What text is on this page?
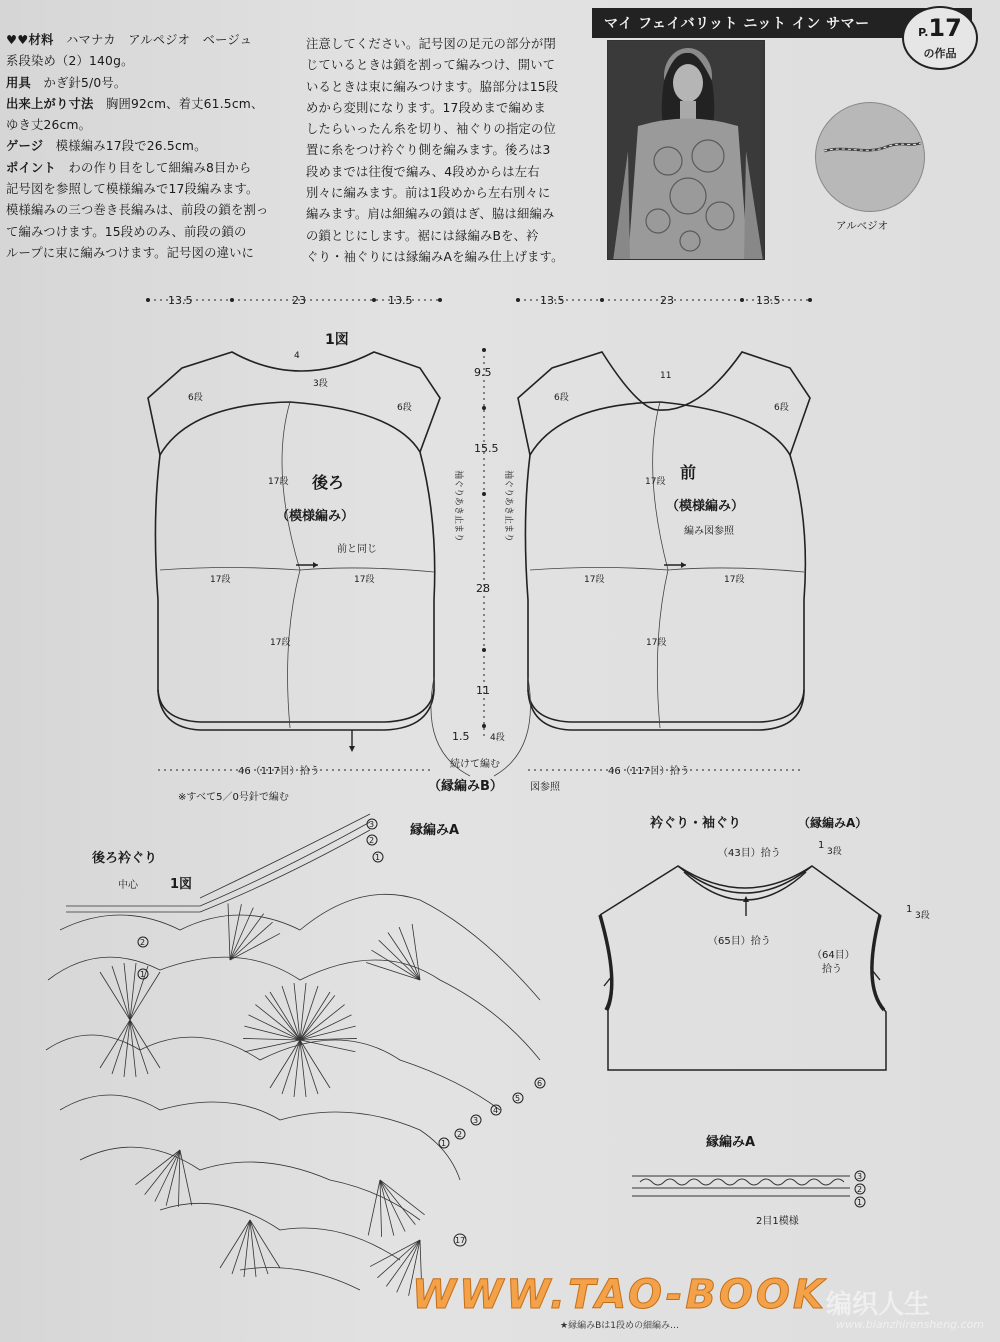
♥♥材料　ハマナカ　アルペジオ　ベージュ
系段染め（2）140g。
用具　かぎ針5/0号。
出来上がり寸法　胸囲92cm、着丈61.5cm、
ゆき丈26cm。
ゲージ　模様編み17段で26.5cm。
ポイント　わの作り目をして細編み8目から
記号図を参照して模様編みで17段編みます。
模様編みの三つ巻き長編みは、前段の鎖を割っ
て編みつけます。15段めのみ、前段の鎖の
ループに束に編みつけます。記号図の違いに
注意してください。記号図の足元の部分が閉
じているときは鎖を割って編みつけ、開いて
いるときは束に編みつけます。脇部分は15段
めから変則になります。17段めまで編めま
したらいったん糸を切り、袖ぐりの指定の位
置に糸をつけ衿ぐり側を編みます。後ろは3
段めまでは往復で編み、4段めからは左右
別々に編みます。前は1段めから左右別々に
編みます。肩は細編みの鎖はぎ、脇は細編み
の鎖とじにします。裾には縁編みBを、衿
ぐり・袖ぐりには縁編みAを編み仕上げます。
マイ フェイバリット ニット イン サマー	P.17
の作品
アルベジオ
13.5	23	13.5	13.5	23	13.5
1図
4
6段
6段
3段
後ろ
（模様編み）
前と同じ
17段
17段	17段
17段
11
6段
6段
前
（模様編み）
編み図参照
17段
17段	17段
17段
9.5
15.5
28
11
1.5 4段
袖ぐりあき止まり	袖ぐりあき止まり
46（117目）拾う	46（117目）拾う
続けて編む
（縁編みB）	図参照
※すべて5／0号針で編む
後ろ衿ぐり
中心 1図
縁編みA
2
1
3
2
1
6
5
4
3
2
1
17
衿ぐり・袖ぐり	（縁編みA）
（43目）拾う
1
3段
1
3段
（65目）拾う
（64目）
拾う
縁編みA
3
2
1
2目1模様
★縁編みBは1段めの細編み…
WWW.TAO-BOOK 编织人生
www.bianzhirensheng.com
